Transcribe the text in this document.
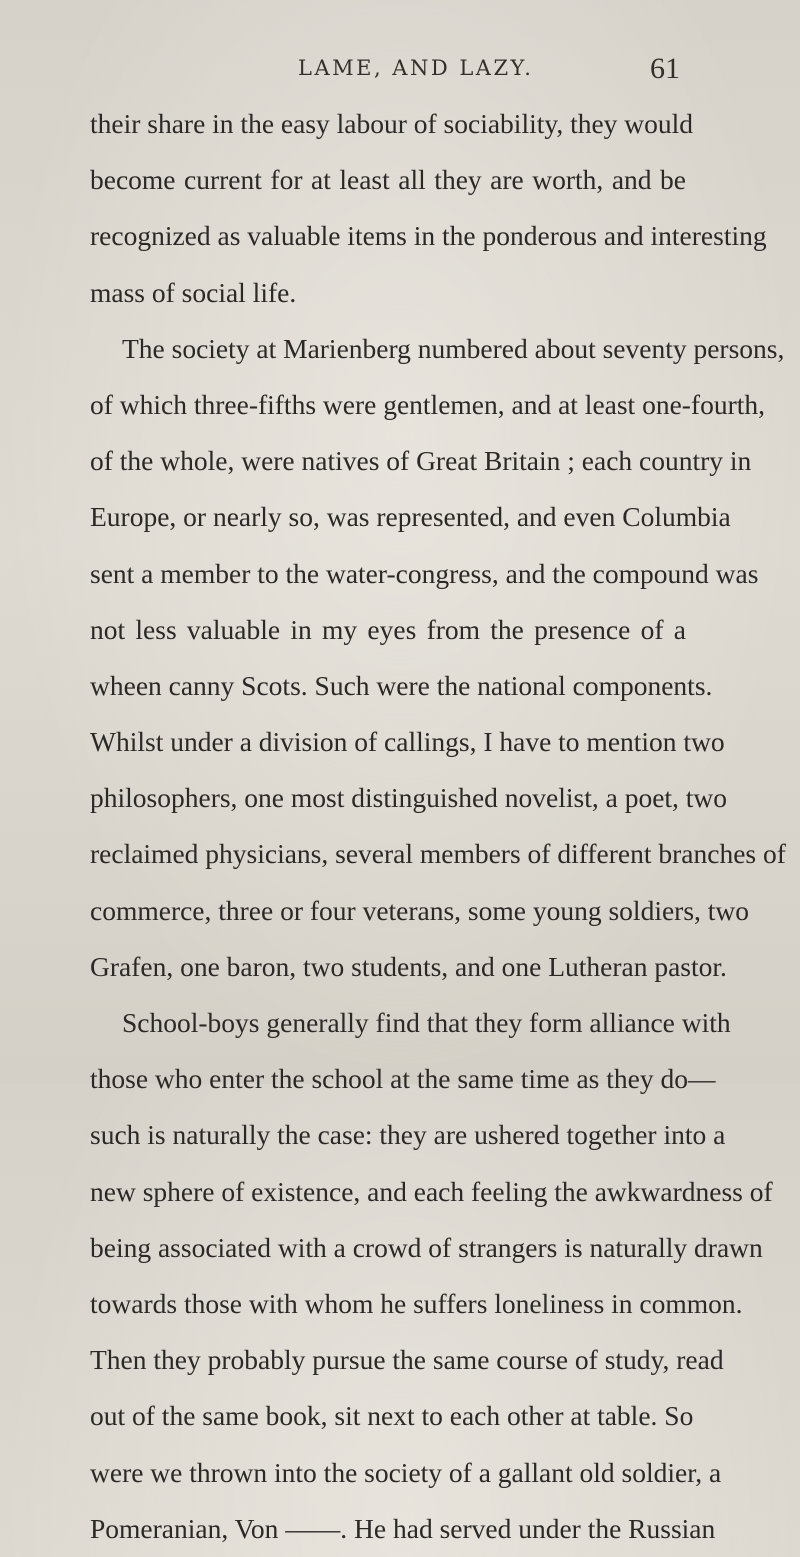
LAME, AND LAZY.	61
their share in the easy labour of sociability, they would
become current for at least all they are worth, and be
recognized as valuable items in the ponderous and interesting
mass of social life.
The society at Marienberg numbered about seventy persons,
of which three-fifths were gentlemen, and at least one-fourth,
of the whole, were natives of Great Britain ; each country in
Europe, or nearly so, was represented, and even Columbia
sent a member to the water-congress, and the compound was
not less valuable in my eyes from the presence of a
wheen canny Scots. Such were the national components.
Whilst under a division of callings, I have to mention two
philosophers, one most distinguished novelist, a poet, two
reclaimed physicians, several members of different branches of
commerce, three or four veterans, some young soldiers, two
Grafen, one baron, two students, and one Lutheran pastor.
School-boys generally find that they form alliance with
those who enter the school at the same time as they do—
such is naturally the case: they are ushered together into a
new sphere of existence, and each feeling the awkwardness of
being associated with a crowd of strangers is naturally drawn
towards those with whom he suffers loneliness in common.
Then they probably pursue the same course of study, read
out of the same book, sit next to each other at table. So
were we thrown into the society of a gallant old soldier, a
Pomeranian, Von ——. He had served under the Russian
